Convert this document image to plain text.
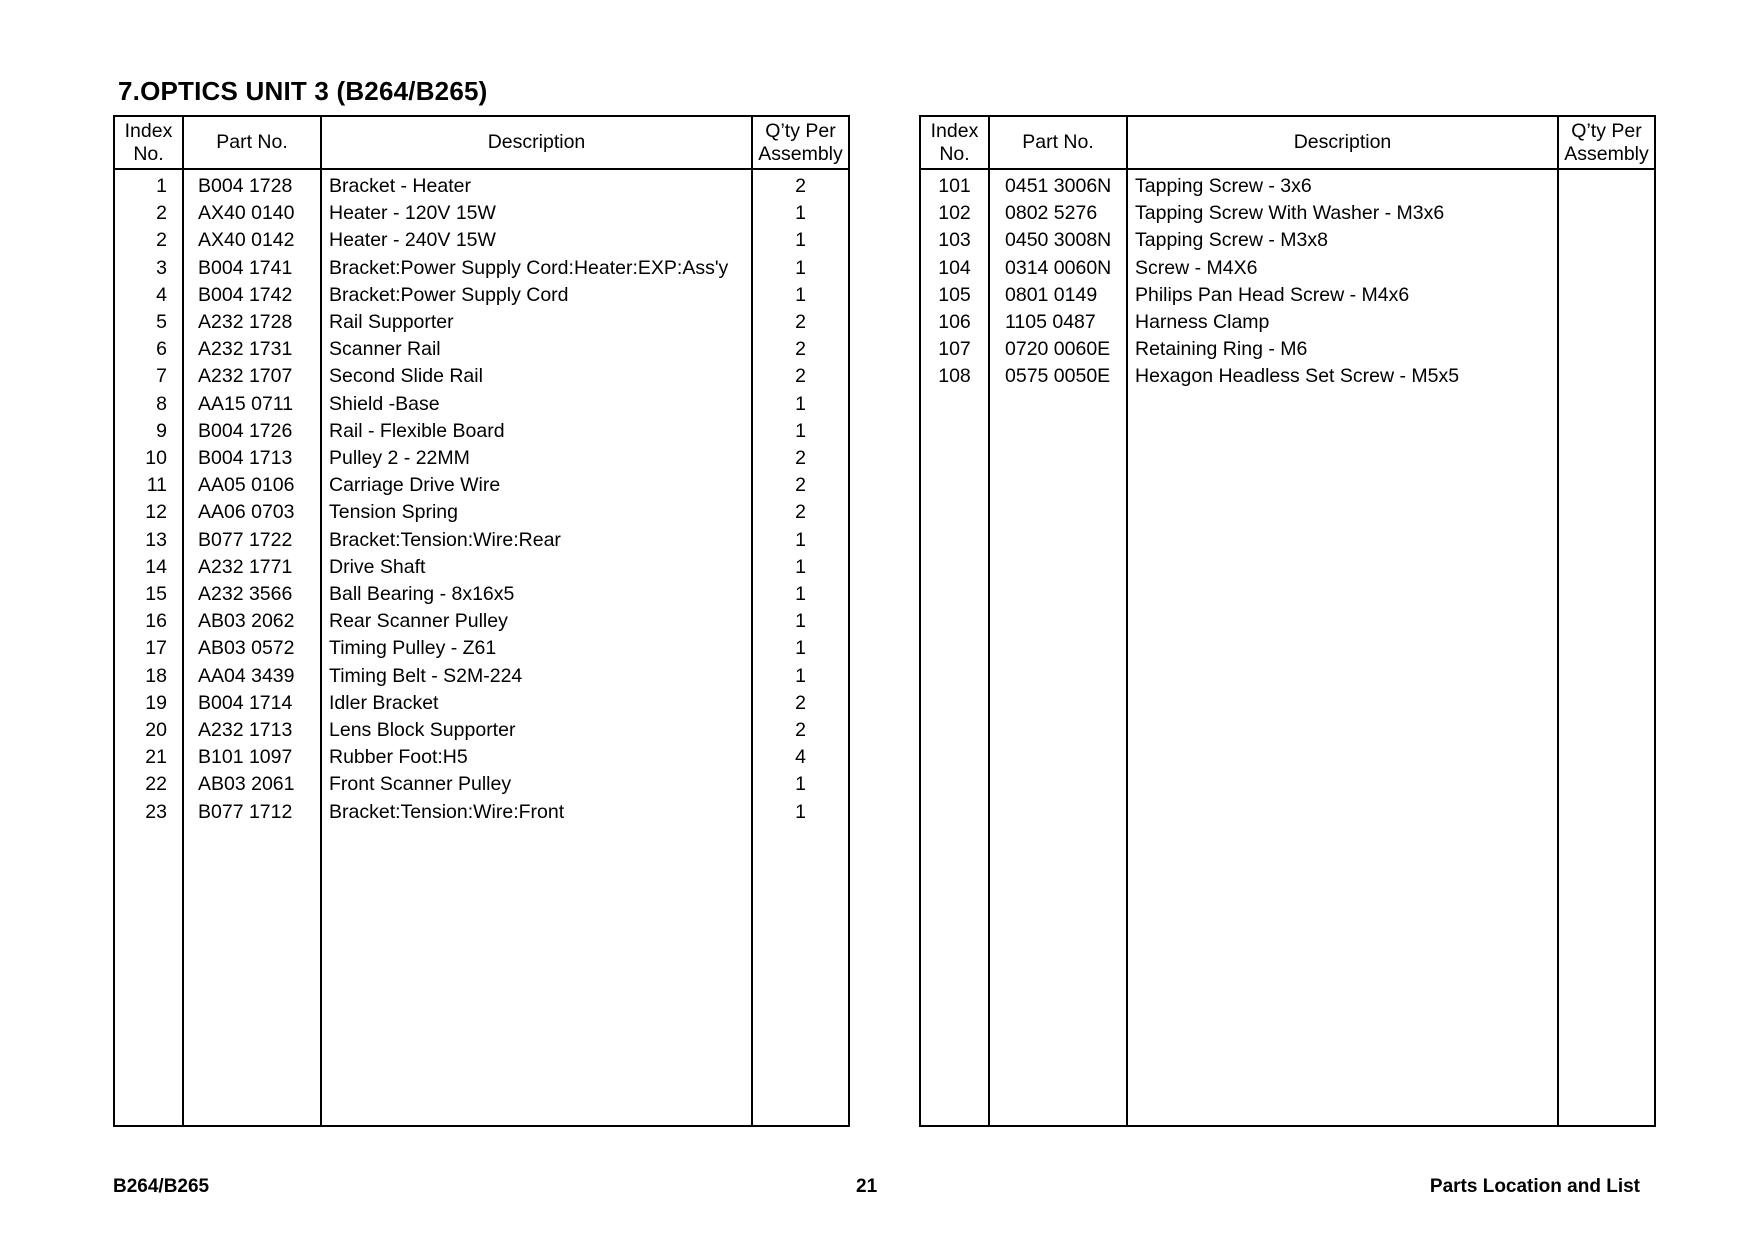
7.OPTICS UNIT 3 (B264/B265)
Index No.	Part No.	Description	Q’ty Per Assembly
1	B004 1728	Bracket - Heater	2
2	AX40 0140	Heater - 120V 15W	1
2	AX40 0142	Heater - 240V 15W	1
3	B004 1741	Bracket:Power Supply Cord:Heater:EXP:Ass'y	1
4	B004 1742	Bracket:Power Supply Cord	1
5	A232 1728	Rail Supporter	2
6	A232 1731	Scanner Rail	2
7	A232 1707	Second Slide Rail	2
8	AA15 0711	Shield -Base	1
9	B004 1726	Rail - Flexible Board	1
10	B004 1713	Pulley 2 - 22MM	2
11	AA05 0106	Carriage Drive Wire	2
12	AA06 0703	Tension Spring	2
13	B077 1722	Bracket:Tension:Wire:Rear	1
14	A232 1771	Drive Shaft	1
15	A232 3566	Ball Bearing - 8x16x5	1
16	AB03 2062	Rear Scanner Pulley	1
17	AB03 0572	Timing Pulley - Z61	1
18	AA04 3439	Timing Belt - S2M-224	1
19	B004 1714	Idler Bracket	2
20	A232 1713	Lens Block Supporter	2
21	B101 1097	Rubber Foot:H5	4
22	AB03 2061	Front Scanner Pulley	1
23	B077 1712	Bracket:Tension:Wire:Front	1

Index No.	Part No.	Description	Q’ty Per Assembly
101	0451 3006N	Tapping Screw - 3x6	
102	0802 5276	Tapping Screw With Washer - M3x6	
103	0450 3008N	Tapping Screw - M3x8	
104	0314 0060N	Screw - M4X6	
105	0801 0149	Philips Pan Head Screw - M4x6	
106	1105 0487	Harness Clamp	
107	0720 0060E	Retaining Ring - M6	
108	0575 0050E	Hexagon Headless Set Screw - M5x5	

B264/B265	21	Parts Location and List
